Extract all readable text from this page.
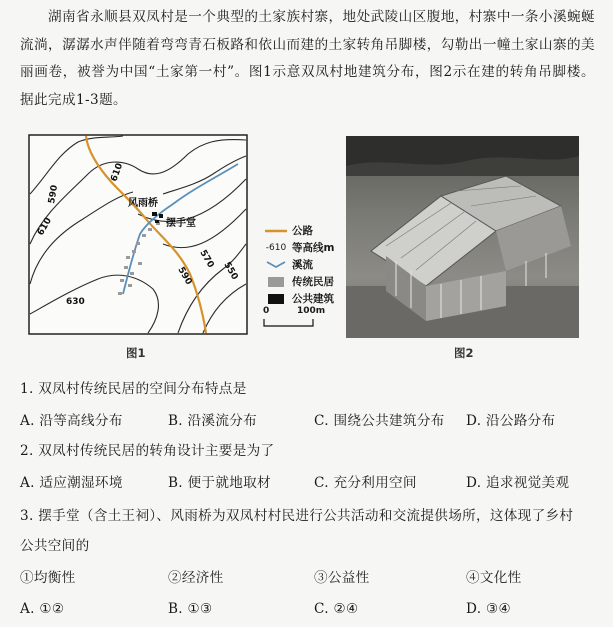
湖南省永顺县双凤村是一个典型的土家族村寨，地处武陵山区腹地，村寨中一条小溪蜿蜒流淌，潺潺水声伴随着弯弯青石板路和依山而建的土家转角吊脚楼，勾勒出一幢土家山寨的美丽画卷，被誉为中国“土家第一村”。图1示意双凤村地建筑分布，图2示在建的转角吊脚楼。据此完成1-3题。
风雨桥
摆手堂
610
590
610
630
590
570
550
公路
- 610 等高线m
溪流
传统民居
公共建筑
0	100m
图1	图2
1. 双凤村传统民居的空间分布特点是
A. 沿等高线分布	B. 沿溪流分布	C. 围绕公共建筑分布 D. 沿公路分布
2. 双凤村传统民居的转角设计主要是为了
A. 适应潮湿环境	B. 便于就地取材	C. 充分利用空间	D. 追求视觉美观
3. 摆手堂（含土王祠）、风雨桥为双凤村村民进行公共活动和交流提供场所，这体现了乡村
公共空间的
①均衡性	②经济性	③公益性	④文化性
A. ①②	B. ①③	C. ②④	D. ③④
